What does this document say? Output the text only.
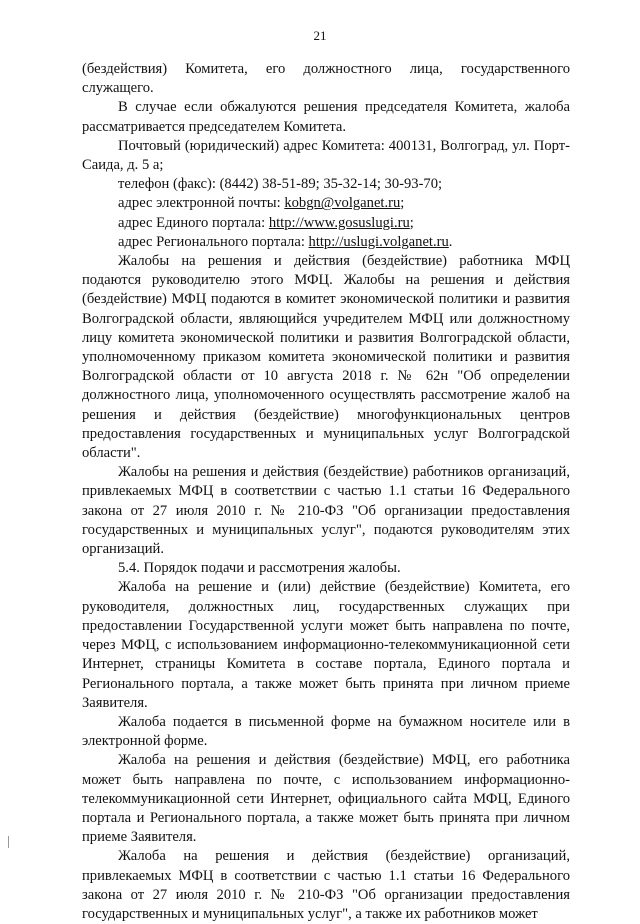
21

(бездействия) Комитета, его должностного лица, государственного служащего.

В случае если обжалуются решения председателя Комитета, жалоба рассматривается председателем Комитета.

Почтовый (юридический) адрес Комитета: 400131, Волгоград, ул. Порт-Саида, д. 5 а;

телефон (факс): (8442) 38-51-89; 35-32-14; 30-93-70;

адрес электронной почты: kobgn@volganet.ru;

адрес Единого портала: http://www.gosuslugi.ru;

адрес Регионального портала: http://uslugi.volganet.ru.

Жалобы на решения и действия (бездействие) работника МФЦ подаются руководителю этого МФЦ. Жалобы на решения и действия (бездействие) МФЦ подаются в комитет экономической политики и развития Волгоградской области, являющийся учредителем МФЦ или должностному лицу комитета экономической политики и развития Волгоградской области, уполномоченному приказом комитета экономической политики и развития Волгоградской области от 10 августа 2018 г. № 62н "Об определении должностного лица, уполномоченного осуществлять рассмотрение жалоб на решения и действия (бездействие) многофункциональных центров предоставления государственных и муниципальных услуг Волгоградской области".

Жалобы на решения и действия (бездействие) работников организаций, привлекаемых МФЦ в соответствии с частью 1.1 статьи 16 Федерального закона от 27 июля 2010 г. № 210-ФЗ "Об организации предоставления государственных и муниципальных услуг", подаются руководителям этих организаций.

5.4. Порядок подачи и рассмотрения жалобы.

Жалоба на решение и (или) действие (бездействие) Комитета, его руководителя, должностных лиц, государственных служащих при предоставлении Государственной услуги может быть направлена по почте, через МФЦ, с использованием информационно-телекоммуникационной сети Интернет, страницы Комитета в составе портала, Единого портала и Регионального портала, а также может быть принята при личном приеме Заявителя.

Жалоба подается в письменной форме на бумажном носителе или в электронной форме.

Жалоба на решения и действия (бездействие) МФЦ, его работника может быть направлена по почте, с использованием информационно-телекоммуникационной сети Интернет, официального сайта МФЦ, Единого портала и Регионального портала, а также может быть принята при личном приеме Заявителя.

Жалоба на решения и действия (бездействие) организаций, привлекаемых МФЦ в соответствии с частью 1.1 статьи 16 Федерального закона от 27 июля 2010 г. № 210-ФЗ "Об организации предоставления государственных и муниципальных услуг", а также их работников может
